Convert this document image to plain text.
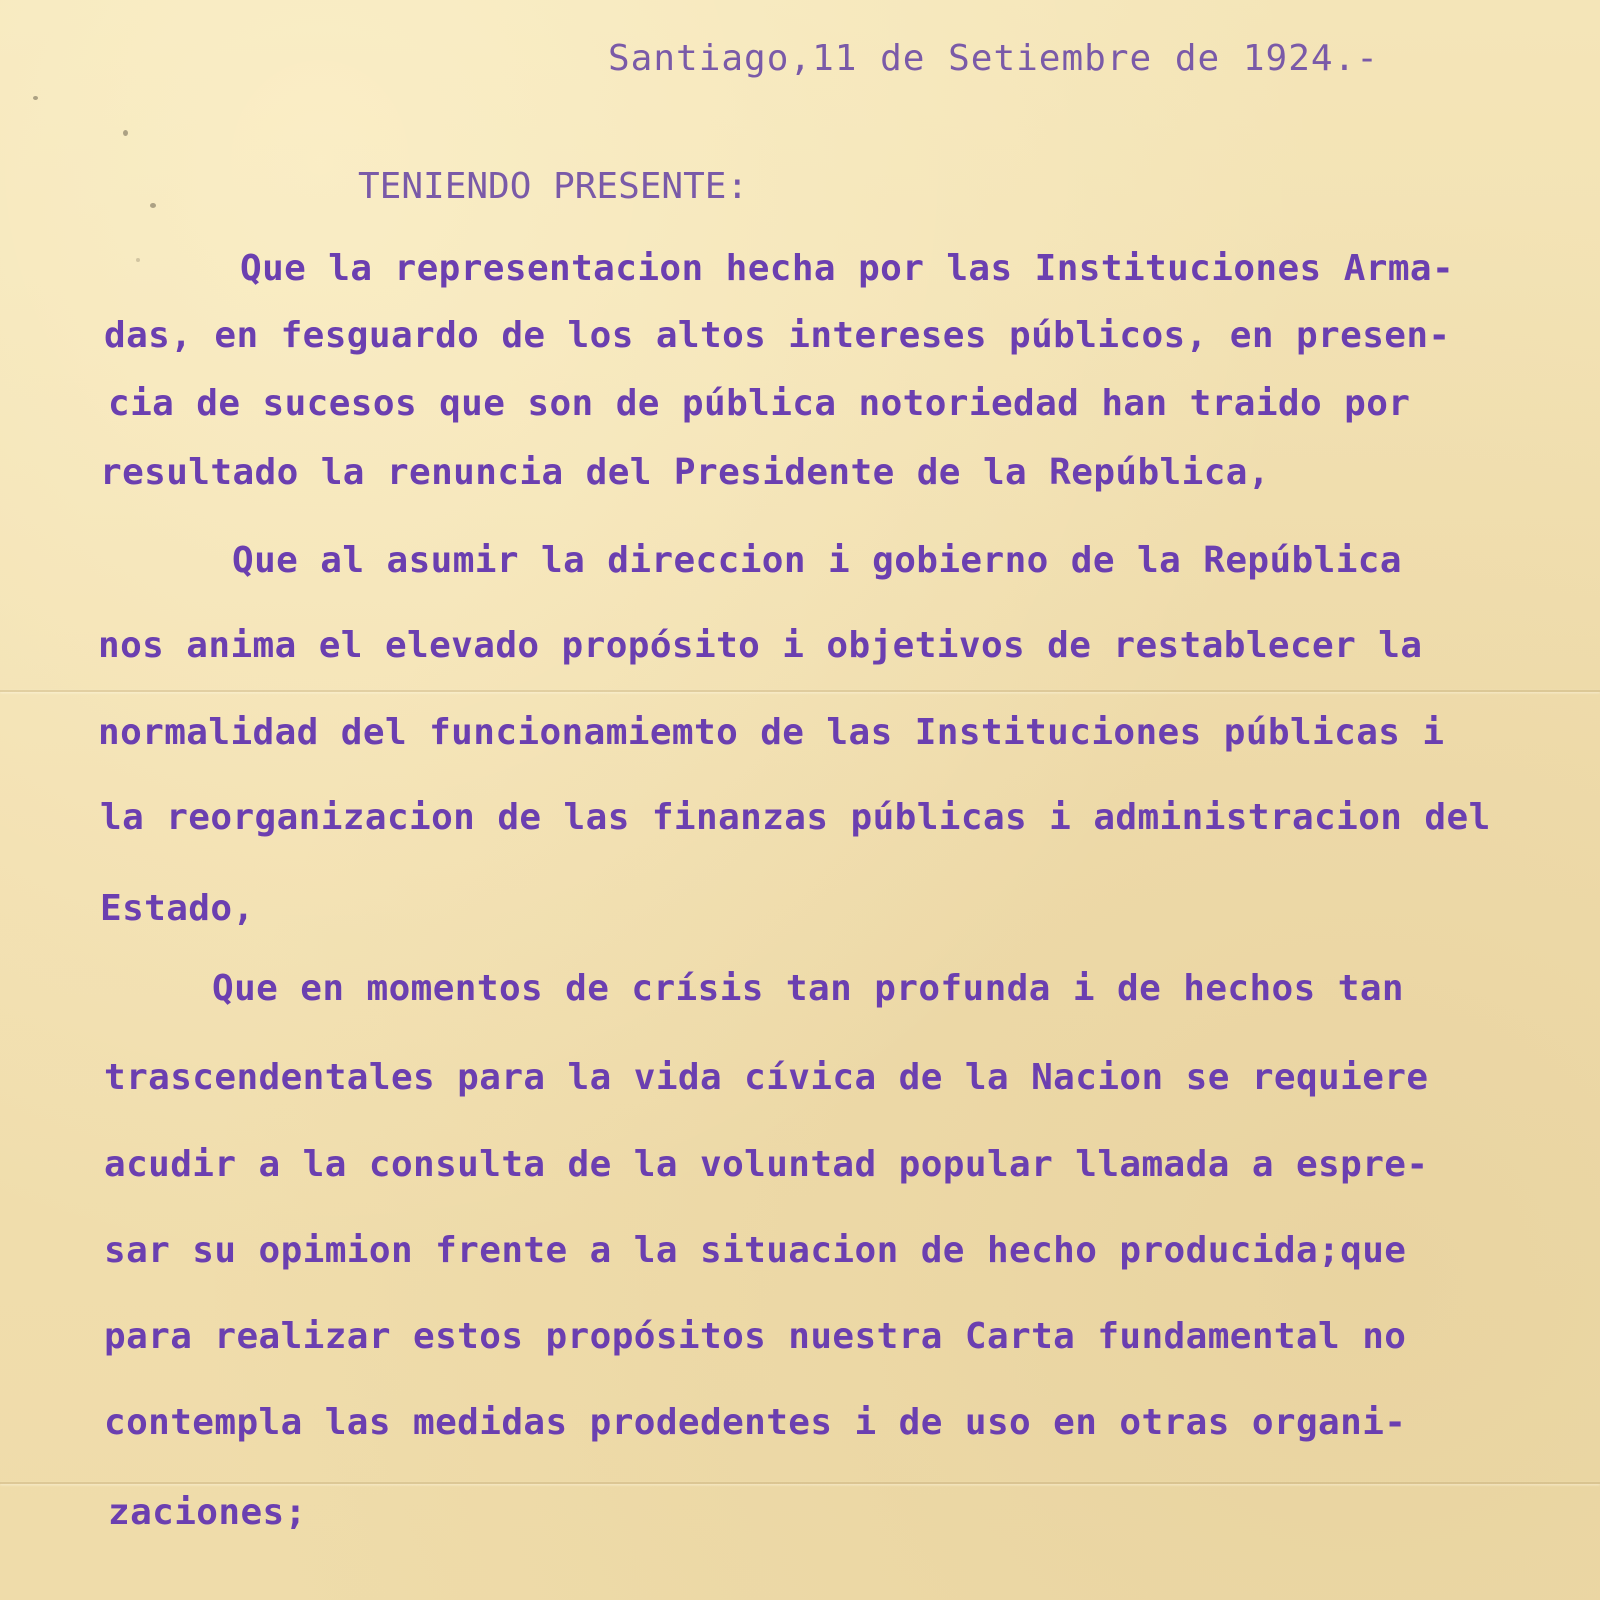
Santiago,11 de Setiembre de 1924.-
TENIENDO PRESENTE:
Que la representacion hecha por las Instituciones Arma-
das, en fesguardo de los altos intereses públicos, en presen-
cia de sucesos que son de pública notoriedad han traido por
resultado la renuncia del Presidente de la República,
Que al asumir la direccion i gobierno de la República
nos anima el elevado propósito i objetivos de restablecer la
normalidad del funcionamiemto de las Instituciones públicas i
la reorganizacion de las finanzas públicas i administracion del
Estado,
Que en momentos de crísis tan profunda i de hechos tan
trascendentales para la vida cívica de la Nacion se requiere
acudir a la consulta de la voluntad popular llamada a espre-
sar su opimion frente a la situacion de hecho producida;que
para realizar estos propósitos nuestra Carta fundamental no
contempla las medidas prodedentes i de uso en otras organi-
zaciones;
